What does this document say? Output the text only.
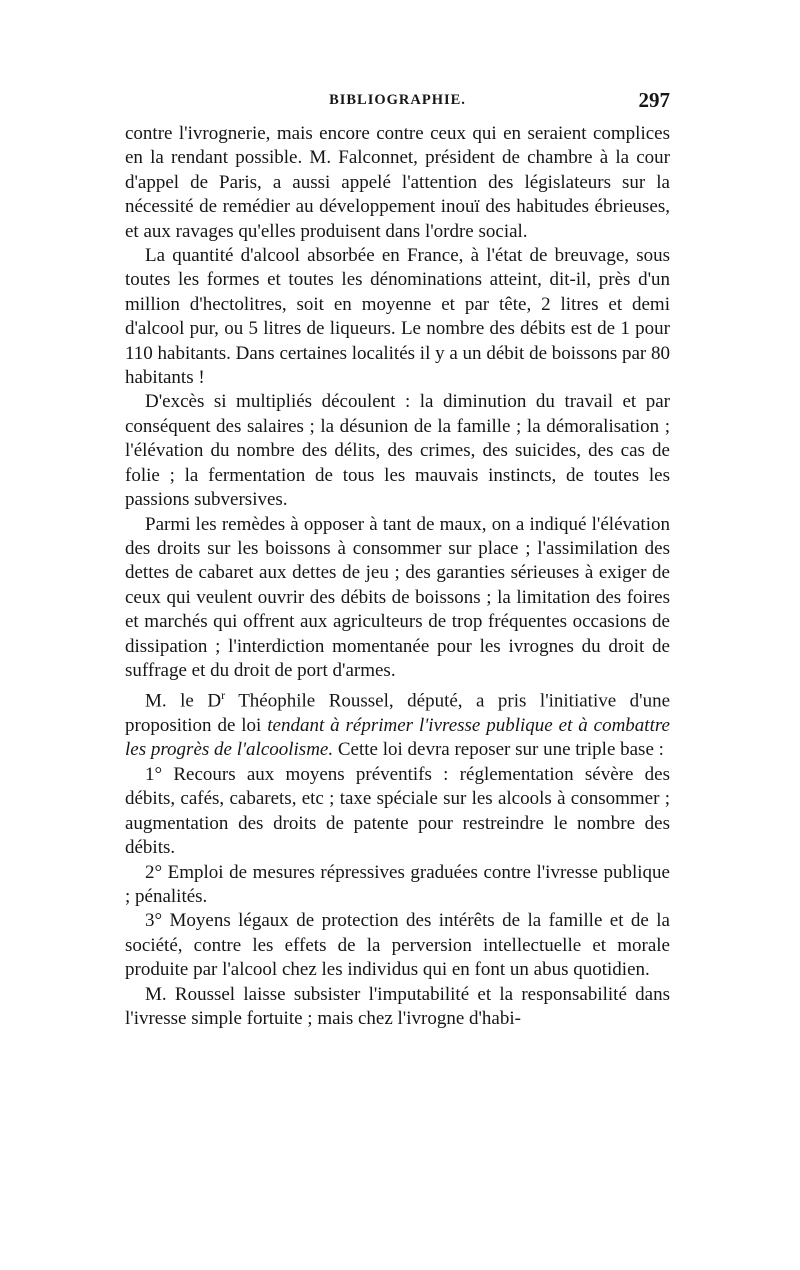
BIBLIOGRAPHIE.	297

contre l'ivrognerie, mais encore contre ceux qui en seraient complices en la rendant possible. M. Falconnet, président de chambre à la cour d'appel de Paris, a aussi appelé l'attention des législateurs sur la nécessité de remédier au développement inouï des habitudes ébrieuses, et aux ravages qu'elles produisent dans l'ordre social.

La quantité d'alcool absorbée en France, à l'état de breuvage, sous toutes les formes et toutes les dénominations atteint, dit-il, près d'un million d'hectolitres, soit en moyenne et par tête, 2 litres et demi d'alcool pur, ou 5 litres de liqueurs. Le nombre des débits est de 1 pour 110 habitants. Dans certaines localités il y a un débit de boissons par 80 habitants !

D'excès si multipliés découlent : la diminution du travail et par conséquent des salaires ; la désunion de la famille ; la démoralisation ; l'élévation du nombre des délits, des crimes, des suicides, des cas de folie ; la fermentation de tous les mauvais instincts, de toutes les passions subversives.

Parmi les remèdes à opposer à tant de maux, on a indiqué l'élévation des droits sur les boissons à consommer sur place ; l'assimilation des dettes de cabaret aux dettes de jeu ; des garanties sérieuses à exiger de ceux qui veulent ouvrir des débits de boissons ; la limitation des foires et marchés qui offrent aux agriculteurs de trop fréquentes occasions de dissipation ; l'interdiction momentanée pour les ivrognes du droit de suffrage et du droit de port d'armes.

M. le $D^r$ Théophile Roussel, député, a pris l'initiative d'une proposition de loi tendant à réprimer l'ivresse publique et à combattre les progrès de l'alcoolisme. Cette loi devra reposer sur une triple base :

1° Recours aux moyens préventifs : réglementation sévère des débits, cafés, cabarets, etc ; taxe spéciale sur les alcools à consommer ; augmentation des droits de patente pour restreindre le nombre des débits.

2° Emploi de mesures répressives graduées contre l'ivresse publique ; pénalités.

3° Moyens légaux de protection des intérêts de la famille et de la société, contre les effets de la perversion intellectuelle et morale produite par l'alcool chez les individus qui en font un abus quotidien.

M. Roussel laisse subsister l'imputabilité et la responsabilité dans l'ivresse simple fortuite ; mais chez l'ivrogne d'habi-
